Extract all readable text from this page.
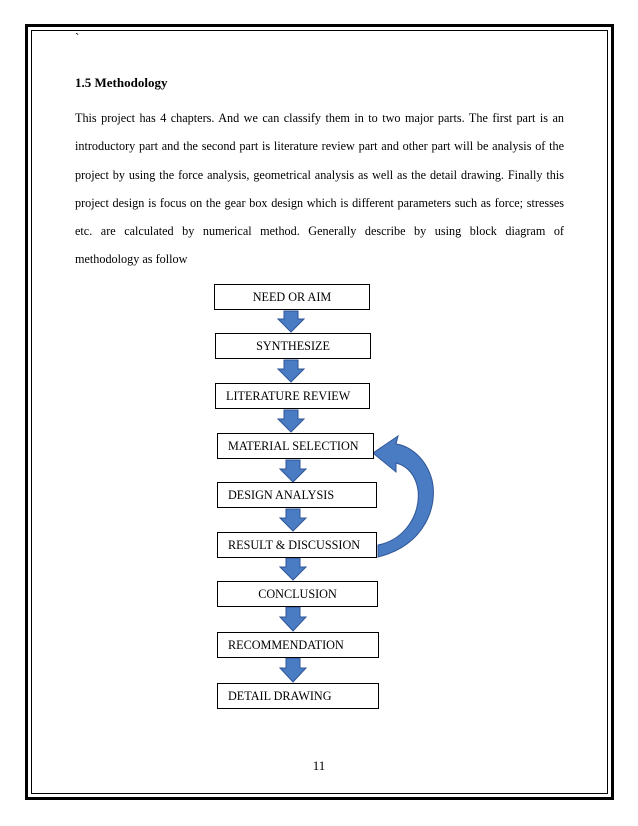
`
1.5 Methodology

This project has 4 chapters. And we can classify them in to two major parts. The first part is an introductory part and the second part is literature review part and other part will be analysis of the project by using the force analysis, geometrical analysis as well as the detail drawing. Finally this project design is focus on the gear box design which is different parameters such as force; stresses etc. are calculated by numerical method. Generally describe by using block diagram of methodology as follow

NEED OR AIM
SYNTHESIZE
LITERATURE REVIEW
MATERIAL SELECTION
DESIGN ANALYSIS
RESULT & DISCUSSION
CONCLUSION
RECOMMENDATION
DETAIL DRAWING
11
